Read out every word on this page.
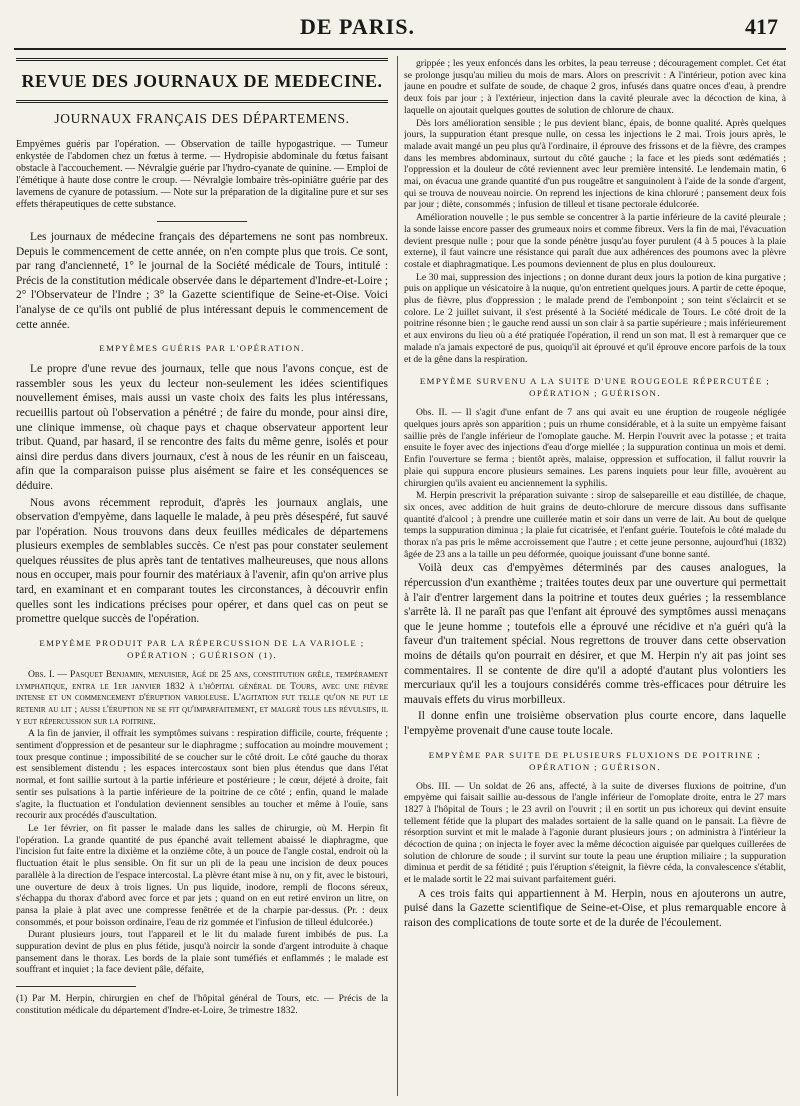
DE PARIS.	417
REVUE DES JOURNAUX DE MEDECINE.
JOURNAUX FRANÇAIS DES DÉPARTEMENS.

Empyèmes guéris par l'opération. — Observation de taille hypogastrique. — Tumeur enkystée de l'abdomen chez un fœtus à terme. — Hydropisie abdominale du fœtus faisant obstacle à l'accouchement. — Névralgie guérie par l'hydro-cyanate de quinine. — Emploi de l'émétique à haute dose contre le croup. — Névralgie lombaire très-opiniâtre guérie par des lavemens de cyanure de potassium. — Note sur la préparation de la digitaline pure et sur ses effets thérapeutiques de cette substance.

Les journaux de médecine français des départemens ne sont pas nombreux. Depuis le commencement de cette année, on n'en compte plus que trois. Ce sont, par rang d'ancienneté, 1° le journal de la Société médicale de Tours, intitulé : Précis de la constitution médicale observée dans le département d'Indre-et-Loire ; 2° l'Observateur de l'Indre ; 3° la Gazette scientifique de Seine-et-Oise. Voici l'analyse de ce qu'ils ont publié de plus intéressant depuis le commencement de cette année.

EMPYÈMES GUÉRIS PAR L'OPÉRATION.

Le propre d'une revue des journaux, telle que nous l'avons conçue, est de rassembler sous les yeux du lecteur non-seulement les idées scientifiques nouvellement émises, mais aussi un vaste choix des faits les plus intéressans, recueillis partout où l'observation a pénétré ; de faire du monde, pour ainsi dire, une clinique immense, où chaque pays et chaque observateur apportent leur tribut. Quand, par hasard, il se rencontre des faits du même genre, isolés et pour ainsi dire perdus dans divers journaux, c'est à nous de les réunir en un faisceau, afin que la comparaison puisse plus aisément se faire et les conséquences se déduire.

Nous avons récemment reproduit, d'après les journaux anglais, une observation d'empyème, dans laquelle le malade, à peu près désespéré, fut sauvé par l'opération. Nous trouvons dans deux feuilles médicales de départemens plusieurs exemples de semblables succès. Ce n'est pas pour constater seulement quelques réussites de plus après tant de tentatives malheureuses, que nous allons nous en occuper, mais pour fournir des matériaux à l'avenir, afin qu'on arrive plus tard, en examinant et en comparant toutes les circonstances, à découvrir enfin quelles sont les indications précises pour opérer, et dans quel cas on peut se promettre quelque succès de l'opération.

EMPYÈME PRODUIT PAR LA RÉPERCUSSION DE LA VARIOLE ; OPÉRATION ; GUÉRISON (1).

Obs. I. — Pasquet Benjamin, menuisier, âgé de 25 ans, constitution grêle, tempérament lymphatique, entra le 1er janvier 1832 à l'hôpital général de Tours, avec une fièvre intense et un commencement d'éruption varioleuse. L'agitation fut telle qu'on ne put le retenir au lit ; aussi l'éruption ne se fit qu'imparfaitement, et malgré tous les révulsifs, il y eut répercussion sur la poitrine.

A la fin de janvier, il offrait les symptômes suivans : respiration difficile, courte, fréquente ; sentiment d'oppression et de pesanteur sur le diaphragme ; suffocation au moindre mouvement ; toux presque continue ; impossibilité de se coucher sur le côté droit. Le côté gauche du thorax est sensiblement distendu ; les espaces intercostaux sont bien plus étendus que dans l'état normal, et font saillie surtout à la partie inférieure et postérieure ; le cœur, déjeté à droite, fait sentir ses pulsations à la partie inférieure de la poitrine de ce côté ; enfin, quand le malade s'agite, la fluctuation et l'ondulation deviennent sensibles au toucher et même à l'ouïe, sans recourir aux procédés d'auscultation.

Le 1er février, on fit passer le malade dans les salles de chirurgie, où M. Herpin fit l'opération. La grande quantité de pus épanché avait tellement abaissé le diaphragme, que l'incision fut faite entre la dixième et la onzième côte, à un pouce de l'angle costal, endroit où la fluctuation était le plus sensible. On fit sur un pli de la peau une incision de deux pouces parallèle à la direction de l'espace intercostal. La plèvre étant mise à nu, on y fit, avec le bistouri, une ouverture de deux à trois lignes. Un pus liquide, inodore, rempli de flocons séreux, s'échappa du thorax d'abord avec force et par jets ; quand on en eut retiré environ un litre, on pansa la plaie à plat avec une compresse fenêtrée et de la charpie par-dessus. (Pr. : deux consommés, et pour boisson ordinaire, l'eau de riz gommée et l'infusion de tilleul édulcorée.)

Durant plusieurs jours, tout l'appareil et le lit du malade furent imbibés de pus. La suppuration devint de plus en plus fétide, jusqu'à noircir la sonde d'argent introduite à chaque pansement dans le thorax. Les bords de la plaie sont tuméfiés et enflammés ; le malade est souffrant et inquiet ; la face devient pâle, défaite,

(1) Par M. Herpin, chirurgien en chef de l'hôpital général de Tours, etc. — Précis de la constitution médicale du département d'Indre-et-Loire, 3e trimestre 1832.

grippée ; les yeux enfoncés dans les orbites, la peau terreuse ; découragement complet. Cet état se prolonge jusqu'au milieu du mois de mars. Alors on prescrivit : A l'intérieur, potion avec kina jaune en poudre et sulfate de soude, de chaque 2 gros, infusés dans quatre onces d'eau, à prendre deux fois par jour ; à l'extérieur, injection dans la cavité pleurale avec la décoction de kina, à laquelle on ajoutait quelques gouttes de solution de chlorure de chaux.

Dès lors amélioration sensible ; le pus devient blanc, épais, de bonne qualité. Après quelques jours, la suppuration étant presque nulle, on cessa les injections le 2 mai. Trois jours après, le malade avait mangé un peu plus qu'à l'ordinaire, il éprouve des frissons et de la fièvre, des crampes dans les membres abdominaux, surtout du côté gauche ; la face et les pieds sont œdématiés ; l'oppression et la douleur de côté reviennent avec leur première intensité. Le lendemain matin, 6 mai, on évacua une grande quantité d'un pus rougeâtre et sanguinolent à l'aide de la sonde d'argent, qui se trouva de nouveau noircie. On reprend les injections de kina chloruré ; pansement deux fois par jour ; diète, consommés ; infusion de tilleul et tisane pectorale édulcorée.

Amélioration nouvelle ; le pus semble se concentrer à la partie inférieure de la cavité pleurale ; la sonde laisse encore passer des grumeaux noirs et comme fibreux. Vers la fin de mai, l'évacuation devient presque nulle ; pour que la sonde pénètre jusqu'au foyer purulent (4 à 5 pouces à la plaie externe), il faut vaincre une résistance qui paraît due aux adhérences des poumons avec la plèvre costale et diaphragmatique. Les poumons deviennent de plus en plus douloureux.

Le 30 mai, suppression des injections ; on donne durant deux jours la potion de kina purgative ; puis on applique un vésicatoire à la nuque, qu'on entretient quelques jours. A partir de cette époque, plus de fièvre, plus d'oppression ; le malade prend de l'embonpoint ; son teint s'éclaircit et se colore. Le 2 juillet suivant, il s'est présenté à la Société médicale de Tours. Le côté droit de la poitrine résonne bien ; le gauche rend aussi un son clair à sa partie supérieure ; mais inférieurement et aux environs du lieu où a été pratiquée l'opération, il rend un son mat. Il est à remarquer que ce malade n'a jamais expectoré de pus, quoiqu'il ait éprouvé et qu'il éprouve encore parfois de la toux et de la gêne dans la respiration.

EMPYÈME SURVENU A LA SUITE D'UNE ROUGEOLE RÉPERCUTÉE ; OPÉRATION ; GUÉRISON.

Obs. II. — Il s'agit d'une enfant de 7 ans qui avait eu une éruption de rougeole négligée quelques jours après son apparition ; puis un rhume considérable, et à la suite un empyème faisant saillie près de l'angle inférieur de l'omoplate gauche. M. Herpin l'ouvrit avec la potasse ; et traita ensuite le foyer avec des injections d'eau d'orge miellée ; la suppuration continua un mois et demi. Enfin l'ouverture se ferma ; bientôt après, malaise, oppression et suffocation, il fallut rouvrir la plaie qui suppura encore plusieurs semaines. Les parens inquiets pour leur fille, avouèrent au chirurgien qu'ils avaient eu anciennement la syphilis.

M. Herpin prescrivit la préparation suivante : sirop de salsepareille et eau distillée, de chaque, six onces, avec addition de huit grains de deuto-chlorure de mercure dissous dans suffisante quantité d'alcool ; à prendre une cuillerée matin et soir dans un verre de lait. Au bout de quelque temps la suppuration diminua ; la plaie fut cicatrisée, et l'enfant guérie. Toutefois le côté malade du thorax n'a pas pris le même accroissement que l'autre ; et cette jeune personne, aujourd'hui (1832) âgée de 23 ans a la taille un peu déformée, quoique jouissant d'une bonne santé.

Voilà deux cas d'empyèmes déterminés par des causes analogues, la répercussion d'un exanthème ; traitées toutes deux par une ouverture qui permettait à l'air d'entrer largement dans la poitrine et toutes deux guéries ; la ressemblance s'arrête là. Il ne paraît pas que l'enfant ait éprouvé des symptômes aussi menaçans que le jeune homme ; toutefois elle a éprouvé une récidive et n'a guéri qu'à la faveur d'un traitement spécial. Nous regrettons de trouver dans cette observation moins de détails qu'on pourrait en désirer, et que M. Herpin n'y ait pas joint ses commentaires. Il se contente de dire qu'il a adopté d'autant plus volontiers les mercuriaux qu'il les a toujours considérés comme très-efficaces pour détruire les mauvais effets du virus morbilleux.

Il donne enfin une troisième observation plus courte encore, dans laquelle l'empyème provenait d'une cause toute locale.

EMPYÈME PAR SUITE DE PLUSIEURS FLUXIONS DE POITRINE ; OPÉRATION ; GUÉRISON.

Obs. III. — Un soldat de 26 ans, affecté, à la suite de diverses fluxions de poitrine, d'un empyème qui faisait saillie au-dessous de l'angle inférieur de l'omoplate droite, entra le 27 mars 1827 à l'hôpital de Tours ; le 23 avril on l'ouvrit ; il en sortit un pus ichoreux qui devint ensuite tellement fétide que la plupart des malades sortaient de la salle quand on le pansait. La fièvre de résorption survint et mit le malade à l'agonie durant plusieurs jours ; on administra à l'intérieur la décoction de quina ; on injecta le foyer avec la même décoction aiguisée par quelques cuillerées de solution de chlorure de soude ; il survint sur toute la peau une éruption miliaire ; la suppuration diminua et perdit de sa fétidité ; puis l'éruption s'éteignit, la fièvre céda, la convalescence s'établit, et le malade sortit le 22 mai suivant parfaitement guéri.

A ces trois faits qui appartiennent à M. Herpin, nous en ajouterons un autre, puisé dans la Gazette scientifique de Seine-et-Oise, et plus remarquable encore à raison des complications de toute sorte et de la durée de l'écoulement.
